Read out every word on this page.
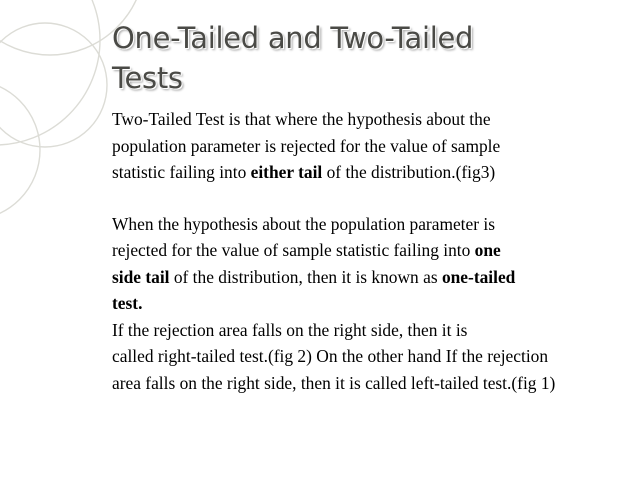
One-Tailed and Two-Tailed
Tests
Two-Tailed Test is that where the hypothesis about the
population parameter is rejected for the value of sample
statistic failing into either tail of the distribution.(fig3)
When the hypothesis about the population parameter is
rejected for the value of sample statistic failing into one
side tail of the distribution, then it is known as one-tailed
test.
If the rejection area falls on the right side, then it is
called right-tailed test.(fig 2) On the other hand If the rejection
area falls on the right side, then it is called left-tailed test.(fig 1)
